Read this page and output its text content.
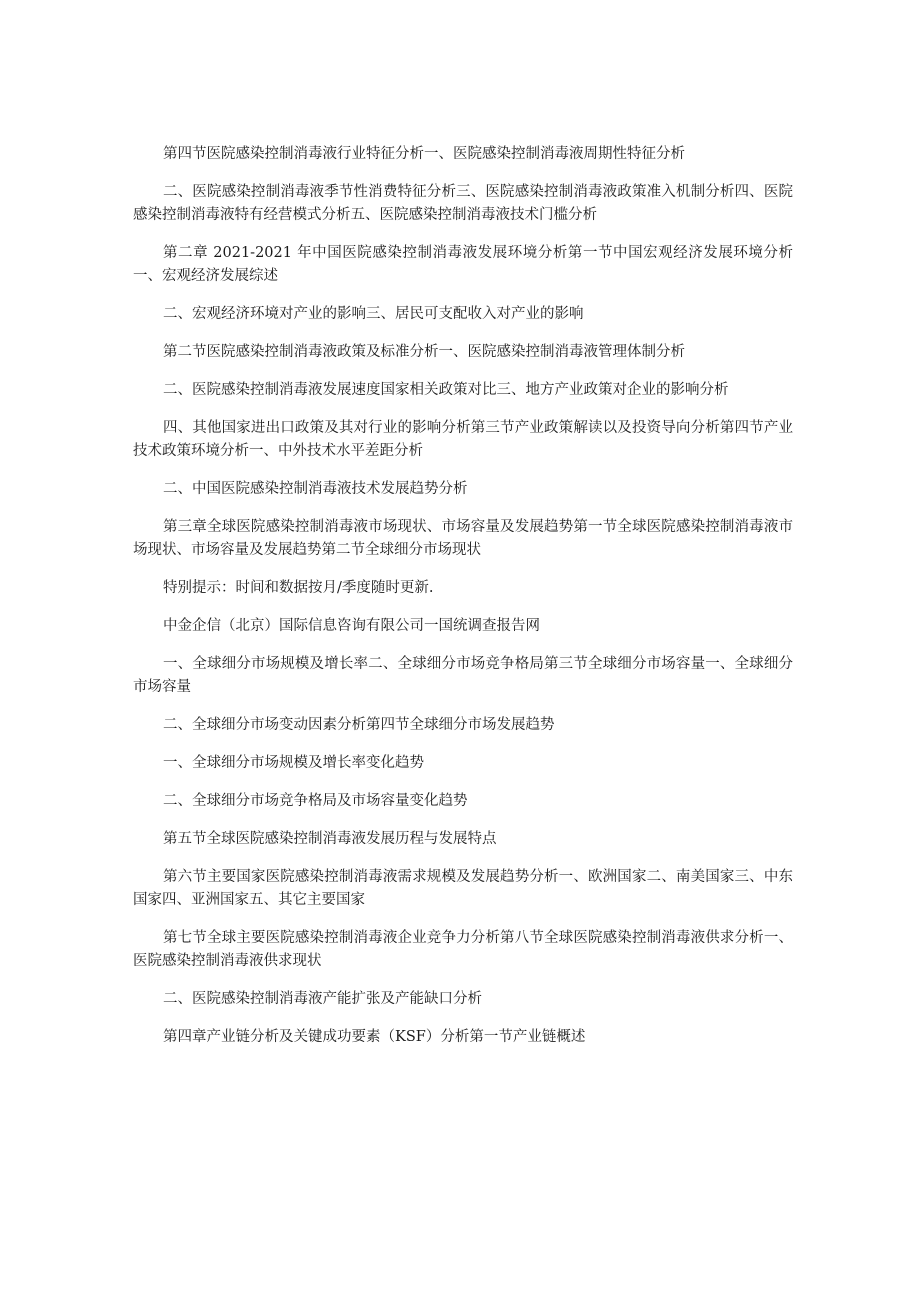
第四节医院感染控制消毒液行业特征分析一、医院感染控制消毒液周期性特征分析

二、医院感染控制消毒液季节性消费特征分析三、医院感染控制消毒液政策准入机制分析四、医院感染控制消毒液特有经营模式分析五、医院感染控制消毒液技术门槛分析

第二章 2021-2021 年中国医院感染控制消毒液发展环境分析第一节中国宏观经济发展环境分析一、宏观经济发展综述

二、宏观经济环境对产业的影响三、居民可支配收入对产业的影响

第二节医院感染控制消毒液政策及标准分析一、医院感染控制消毒液管理体制分析

二、医院感染控制消毒液发展速度国家相关政策对比三、地方产业政策对企业的影响分析

四、其他国家进出口政策及其对行业的影响分析第三节产业政策解读以及投资导向分析第四节产业技术政策环境分析一、中外技术水平差距分析

二、中国医院感染控制消毒液技术发展趋势分析

第三章全球医院感染控制消毒液市场现状、市场容量及发展趋势第一节全球医院感染控制消毒液市场现状、市场容量及发展趋势第二节全球细分市场现状

特别提示：时间和数据按月/季度随时更新.

中金企信（北京）国际信息咨询有限公司一国统调查报告网

一、全球细分市场规模及增长率二、全球细分市场竞争格局第三节全球细分市场容量一、全球细分市场容量

二、全球细分市场变动因素分析第四节全球细分市场发展趋势

一、全球细分市场规模及增长率变化趋势

二、全球细分市场竞争格局及市场容量变化趋势

第五节全球医院感染控制消毒液发展历程与发展特点

第六节主要国家医院感染控制消毒液需求规模及发展趋势分析一、欧洲国家二、南美国家三、中东国家四、亚洲国家五、其它主要国家

第七节全球主要医院感染控制消毒液企业竞争力分析第八节全球医院感染控制消毒液供求分析一、医院感染控制消毒液供求现状

二、医院感染控制消毒液产能扩张及产能缺口分析

第四章产业链分析及关键成功要素（KSF）分析第一节产业链概述
